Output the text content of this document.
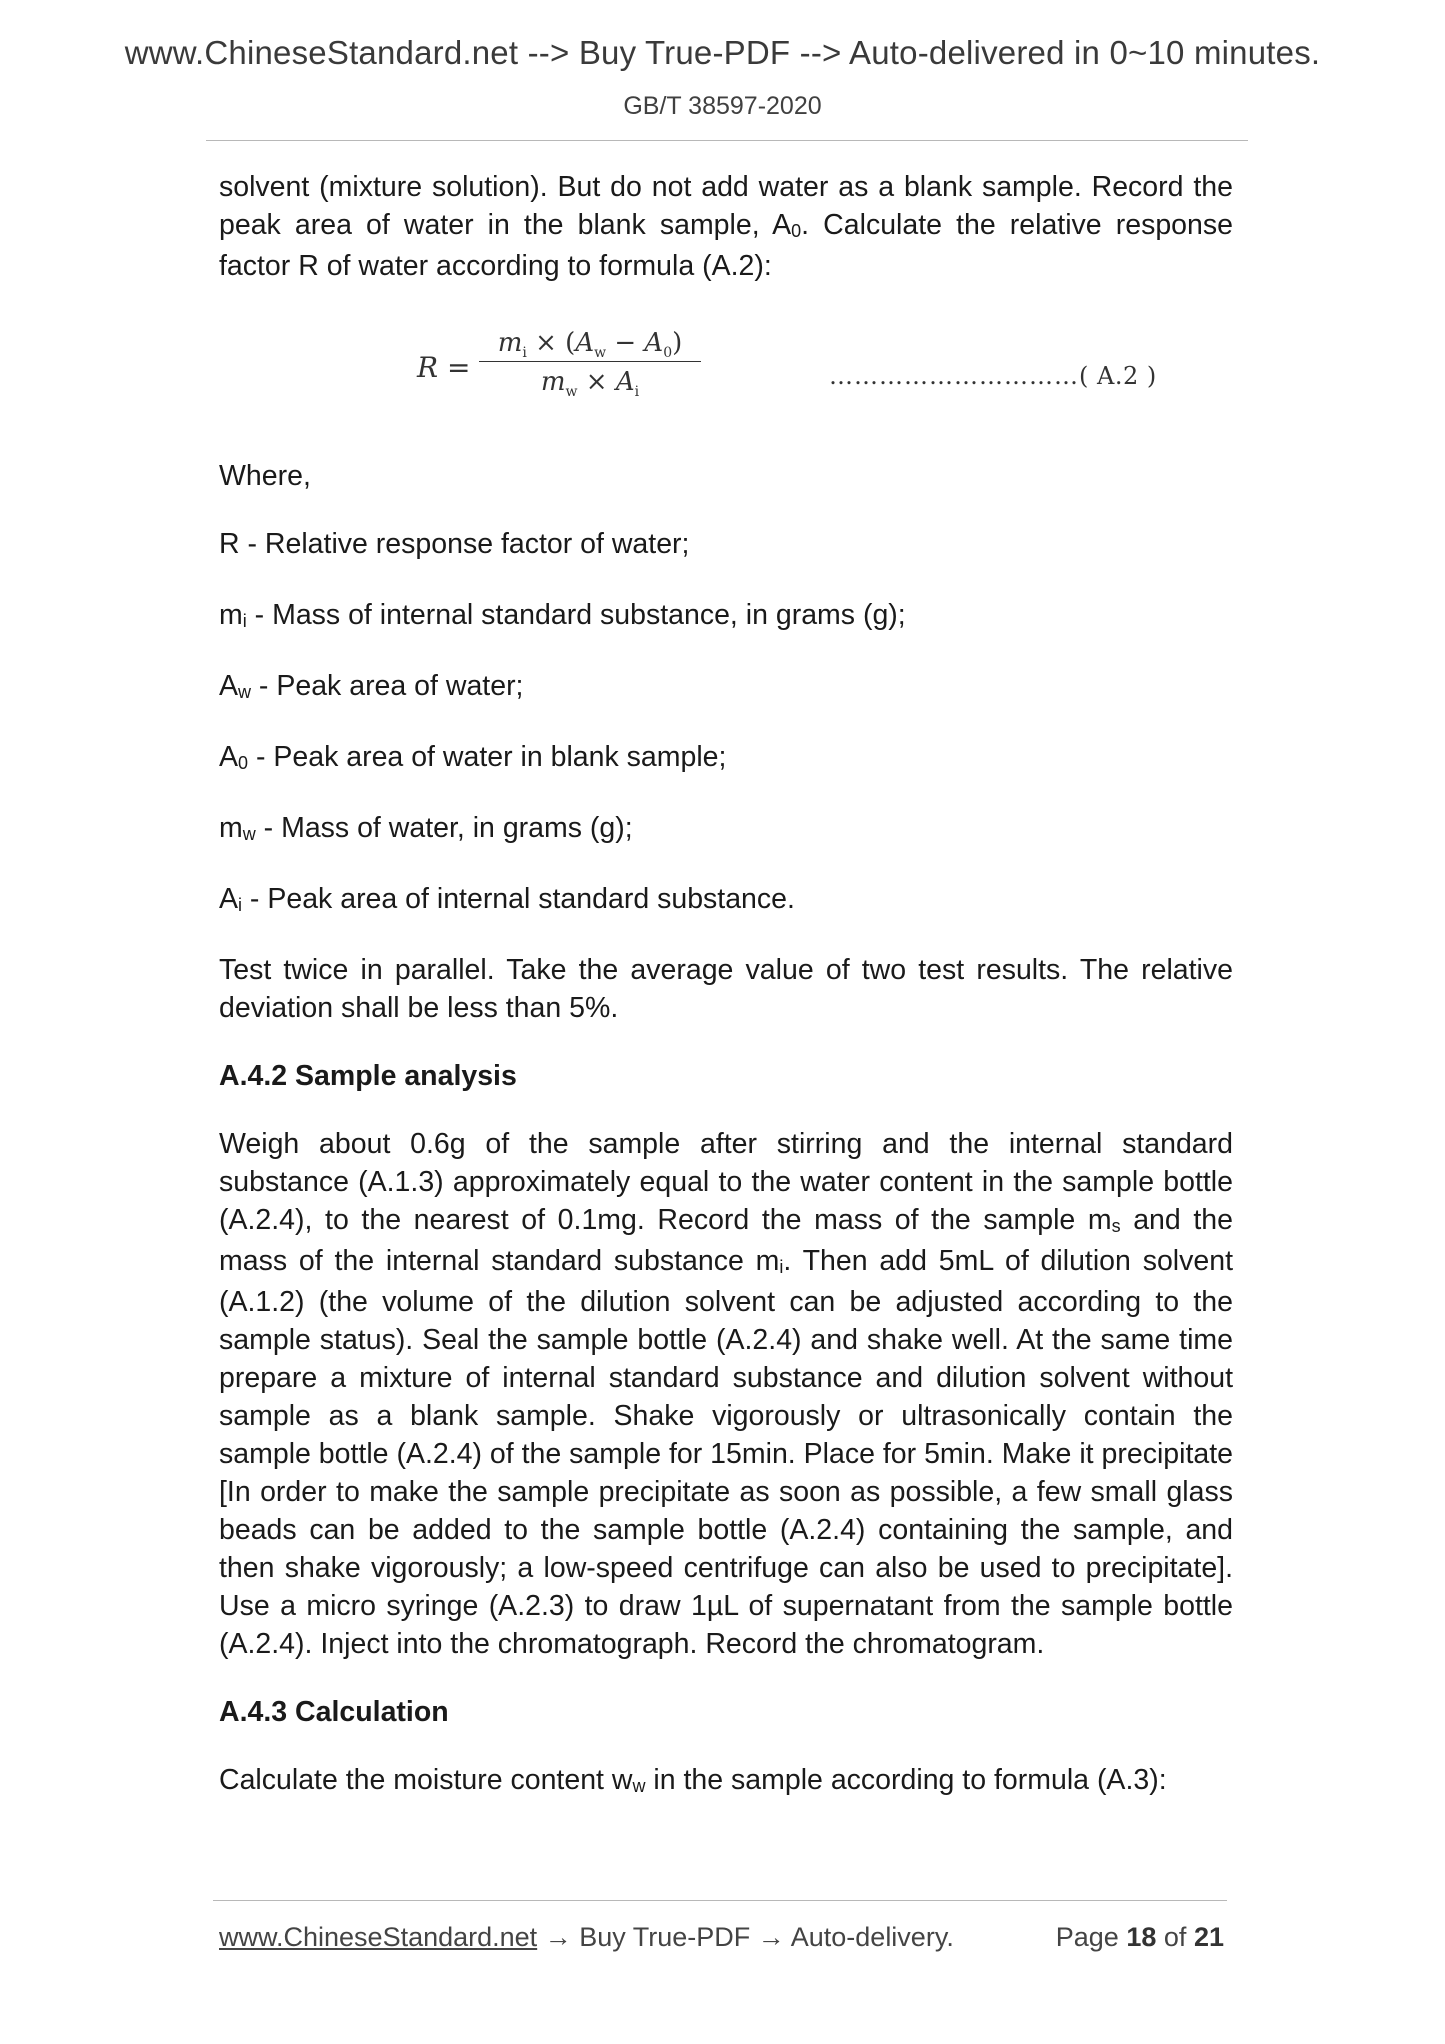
www.ChineseStandard.net --> Buy True-PDF --> Auto-delivered in 0~10 minutes.
GB/T 38597-2020

solvent (mixture solution). But do not add water as a blank sample. Record the peak area of water in the blank sample, $A_0$. Calculate the relative response factor R of water according to formula (A.2):

R =
$m_i \times (A_w - A_0)$
$m_w \times A_i$
…………………………( A.2 )

Where,

R - Relative response factor of water;

$m_i$ - Mass of internal standard substance, in grams (g);

$A_w$ - Peak area of water;

$A_0$ - Peak area of water in blank sample;

$m_w$ - Mass of water, in grams (g);

$A_i$ - Peak area of internal standard substance.

Test twice in parallel. Take the average value of two test results. The relative deviation shall be less than 5%.

A.4.2 Sample analysis

Weigh about 0.6g of the sample after stirring and the internal standard substance (A.1.3) approximately equal to the water content in the sample bottle (A.2.4), to the nearest of 0.1mg. Record the mass of the sample $m_s$ and the mass of the internal standard substance $m_i$. Then add 5mL of dilution solvent (A.1.2) (the volume of the dilution solvent can be adjusted according to the sample status). Seal the sample bottle (A.2.4) and shake well. At the same time prepare a mixture of internal standard substance and dilution solvent without sample as a blank sample. Shake vigorously or ultrasonically contain the sample bottle (A.2.4) of the sample for 15min. Place for 5min. Make it precipitate [In order to make the sample precipitate as soon as possible, a few small glass beads can be added to the sample bottle (A.2.4) containing the sample, and then shake vigorously; a low-speed centrifuge can also be used to precipitate]. Use a micro syringe (A.2.3) to draw 1µL of supernatant from the sample bottle (A.2.4). Inject into the chromatograph. Record the chromatogram.

A.4.3 Calculation

Calculate the moisture content $w_w$ in the sample according to formula (A.3):

www.ChineseStandard.net → Buy True-PDF → Auto-delivery.	Page 18 of 21
